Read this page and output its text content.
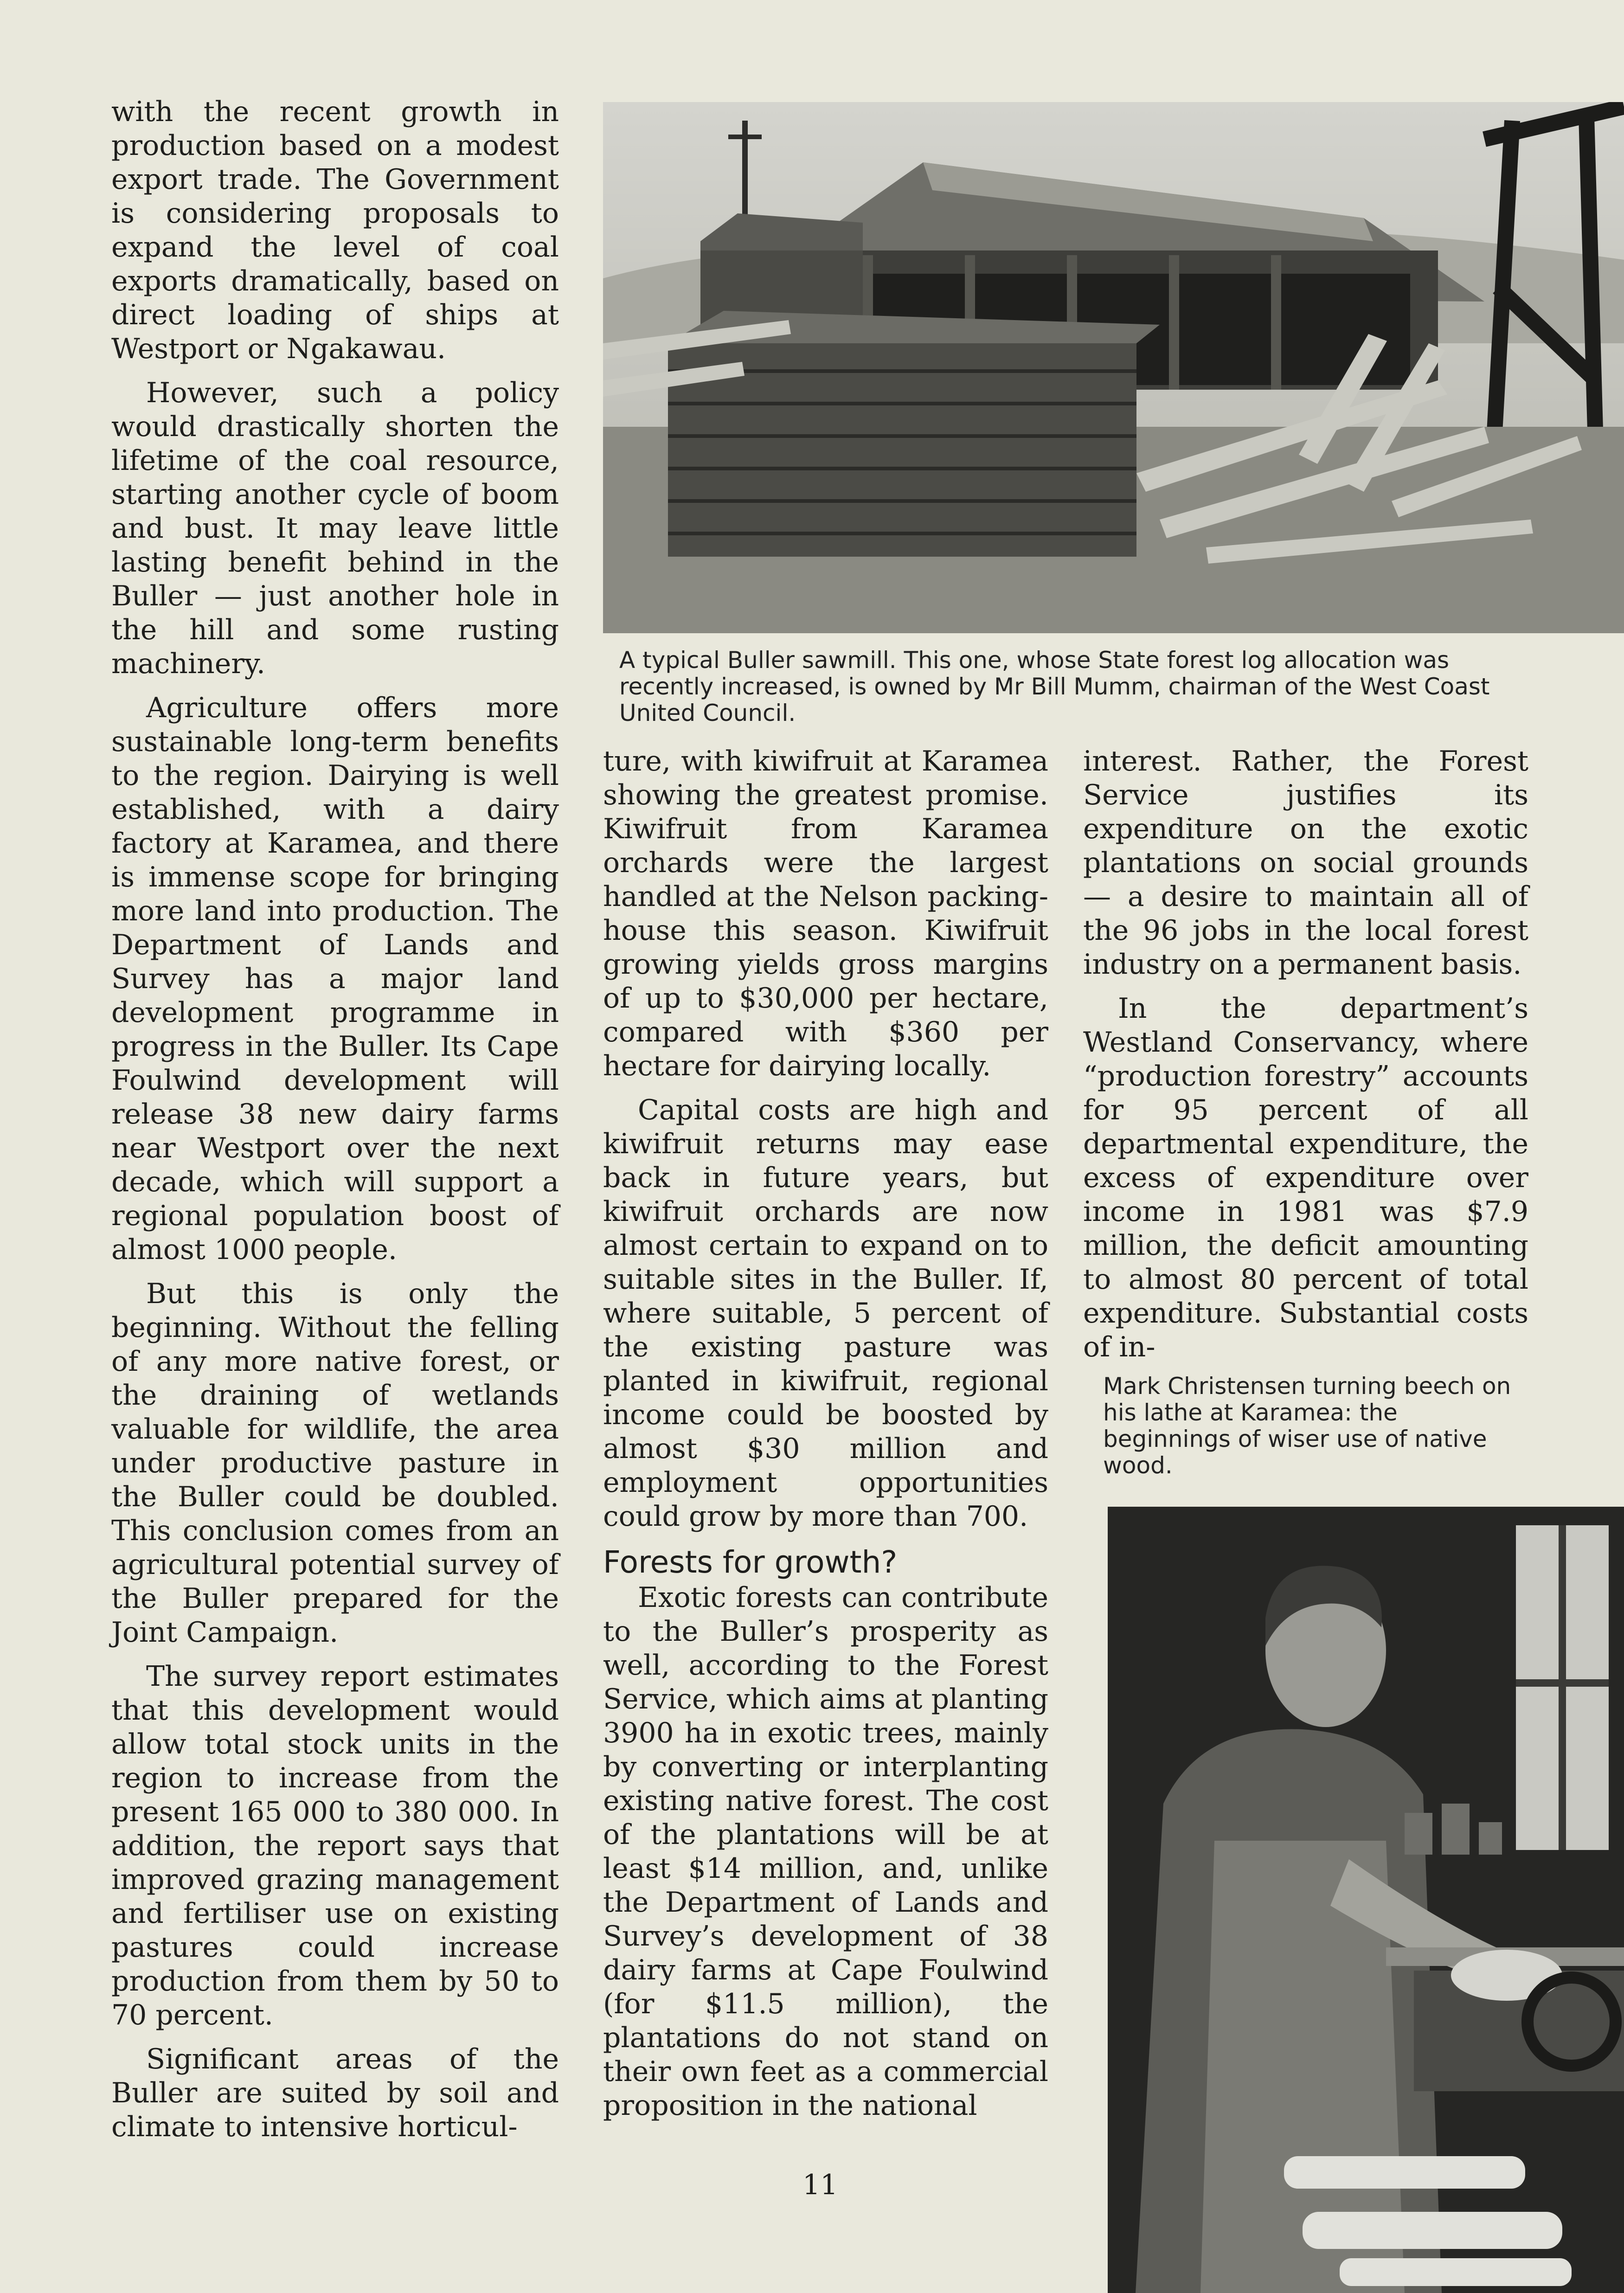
with the recent growth in production based on a modest export trade. The Government is considering proposals to expand the level of coal exports dramatically, based on direct loading of ships at Westport or Ngakawau.

However, such a policy would drastically shorten the lifetime of the coal resource, starting another cycle of boom and bust. It may leave little lasting benefit behind in the Buller — just another hole in the hill and some rusting machinery.

Agriculture offers more sustainable long-term benefits to the region. Dairying is well established, with a dairy factory at Karamea, and there is immense scope for bringing more land into production. The Department of Lands and Survey has a major land development programme in progress in the Buller. Its Cape Foulwind development will release 38 new dairy farms near Westport over the next decade, which will support a regional population boost of almost 1000 people.

But this is only the beginning. Without the felling of any more native forest, or the draining of wetlands valuable for wildlife, the area under productive pasture in the Buller could be doubled. This conclusion comes from an agricultural potential survey of the Buller prepared for the Joint Campaign.

The survey report estimates that this development would allow total stock units in the region to increase from the present 165 000 to 380 000. In addition, the report says that improved grazing management and fertiliser use on existing pastures could increase production from them by 50 to 70 percent.

Significant areas of the Buller are suited by soil and climate to intensive horticul-

A typical Buller sawmill. This one, whose State forest log allocation was recently increased, is owned by Mr Bill Mumm, chairman of the West Coast United Council.

ture, with kiwifruit at Karamea showing the greatest promise. Kiwifruit from Karamea orchards were the largest handled at the Nelson packing-house this season. Kiwifruit growing yields gross margins of up to $30,000 per hectare, compared with $360 per hectare for dairying locally.

Capital costs are high and kiwifruit returns may ease back in future years, but kiwifruit orchards are now almost certain to expand on to suitable sites in the Buller. If, where suitable, 5 percent of the existing pasture was planted in kiwifruit, regional income could be boosted by almost $30 million and employment opportunities could grow by more than 700.

Forests for growth?

Exotic forests can contribute to the Buller’s prosperity as well, according to the Forest Service, which aims at planting 3900 ha in exotic trees, mainly by converting or interplanting existing native forest. The cost of the plantations will be at least $14 million, and, unlike the Department of Lands and Survey’s development of 38 dairy farms at Cape Foulwind (for $11.5 million), the plantations do not stand on their own feet as a commercial proposition in the national

interest. Rather, the Forest Service justifies its expenditure on the exotic plantations on social grounds — a desire to maintain all of the 96 jobs in the local forest industry on a permanent basis.

In the department’s Westland Conservancy, where “production forestry” accounts for 95 percent of all departmental expenditure, the excess of expenditure over income in 1981 was $7.9 million, the deficit amounting to almost 80 percent of total expenditure. Substantial costs of in-

Mark Christensen turning beech on his lathe at Karamea: the beginnings of wiser use of native wood.
11
